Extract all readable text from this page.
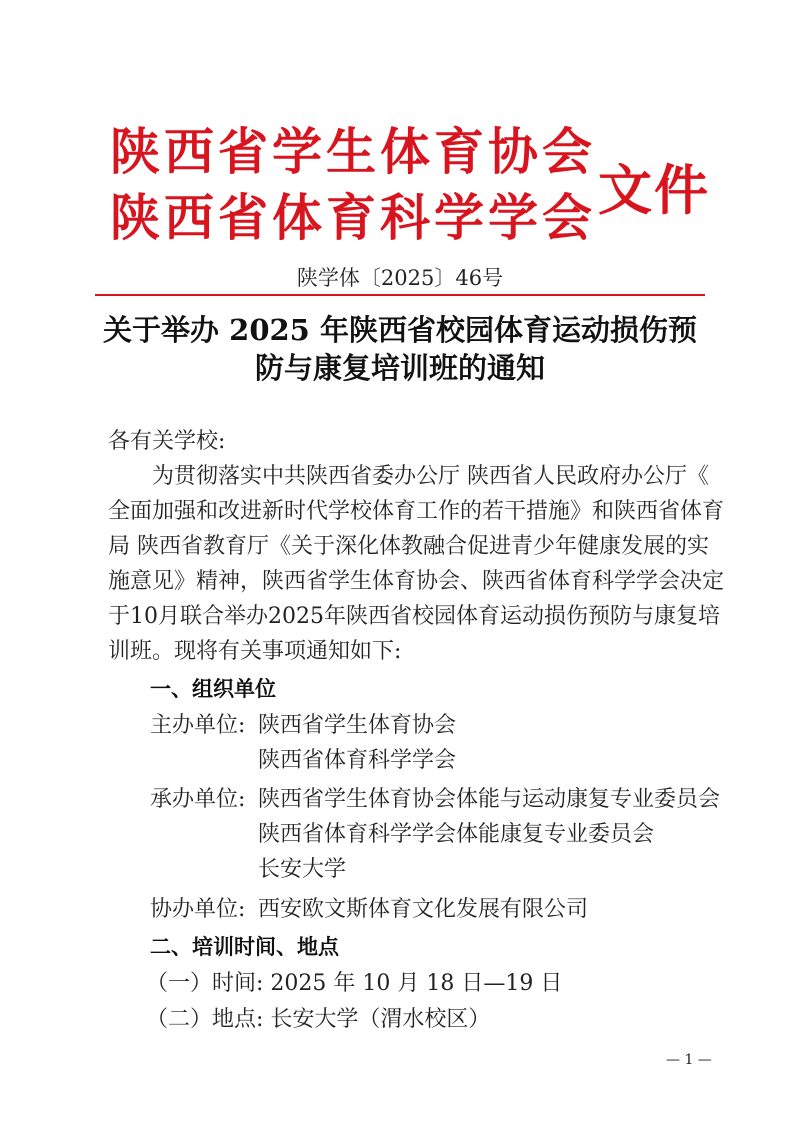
陕西省学生体育协会
陕西省体育科学学会 文件
陕学体〔2025〕46号
关于举办 2025 年陕西省校园体育运动损伤预
防与康复培训班的通知
各有关学校:
为贯彻落实中共陕西省委办公厅 陕西省人民政府办公厅《
全面加强和改进新时代学校体育工作的若干措施》和陕西省体育
局 陕西省教育厅《关于深化体教融合促进青少年健康发展的实
施意见》精神，陕西省学生体育协会、陕西省体育科学学会决定
于10月联合举办2025年陕西省校园体育运动损伤预防与康复培
训班。现将有关事项通知如下:
一、组织单位
主办单位: 陕西省学生体育协会
陕西省体育科学学会
承办单位: 陕西省学生体育协会体能与运动康复专业委员会
陕西省体育科学学会体能康复专业委员会
长安大学
协办单位: 西安欧文斯体育文化发展有限公司
二、培训时间、地点
（一）时间: 2025 年 10 月 18 日—19 日
（二）地点: 长安大学（渭水校区）
— 1 —
